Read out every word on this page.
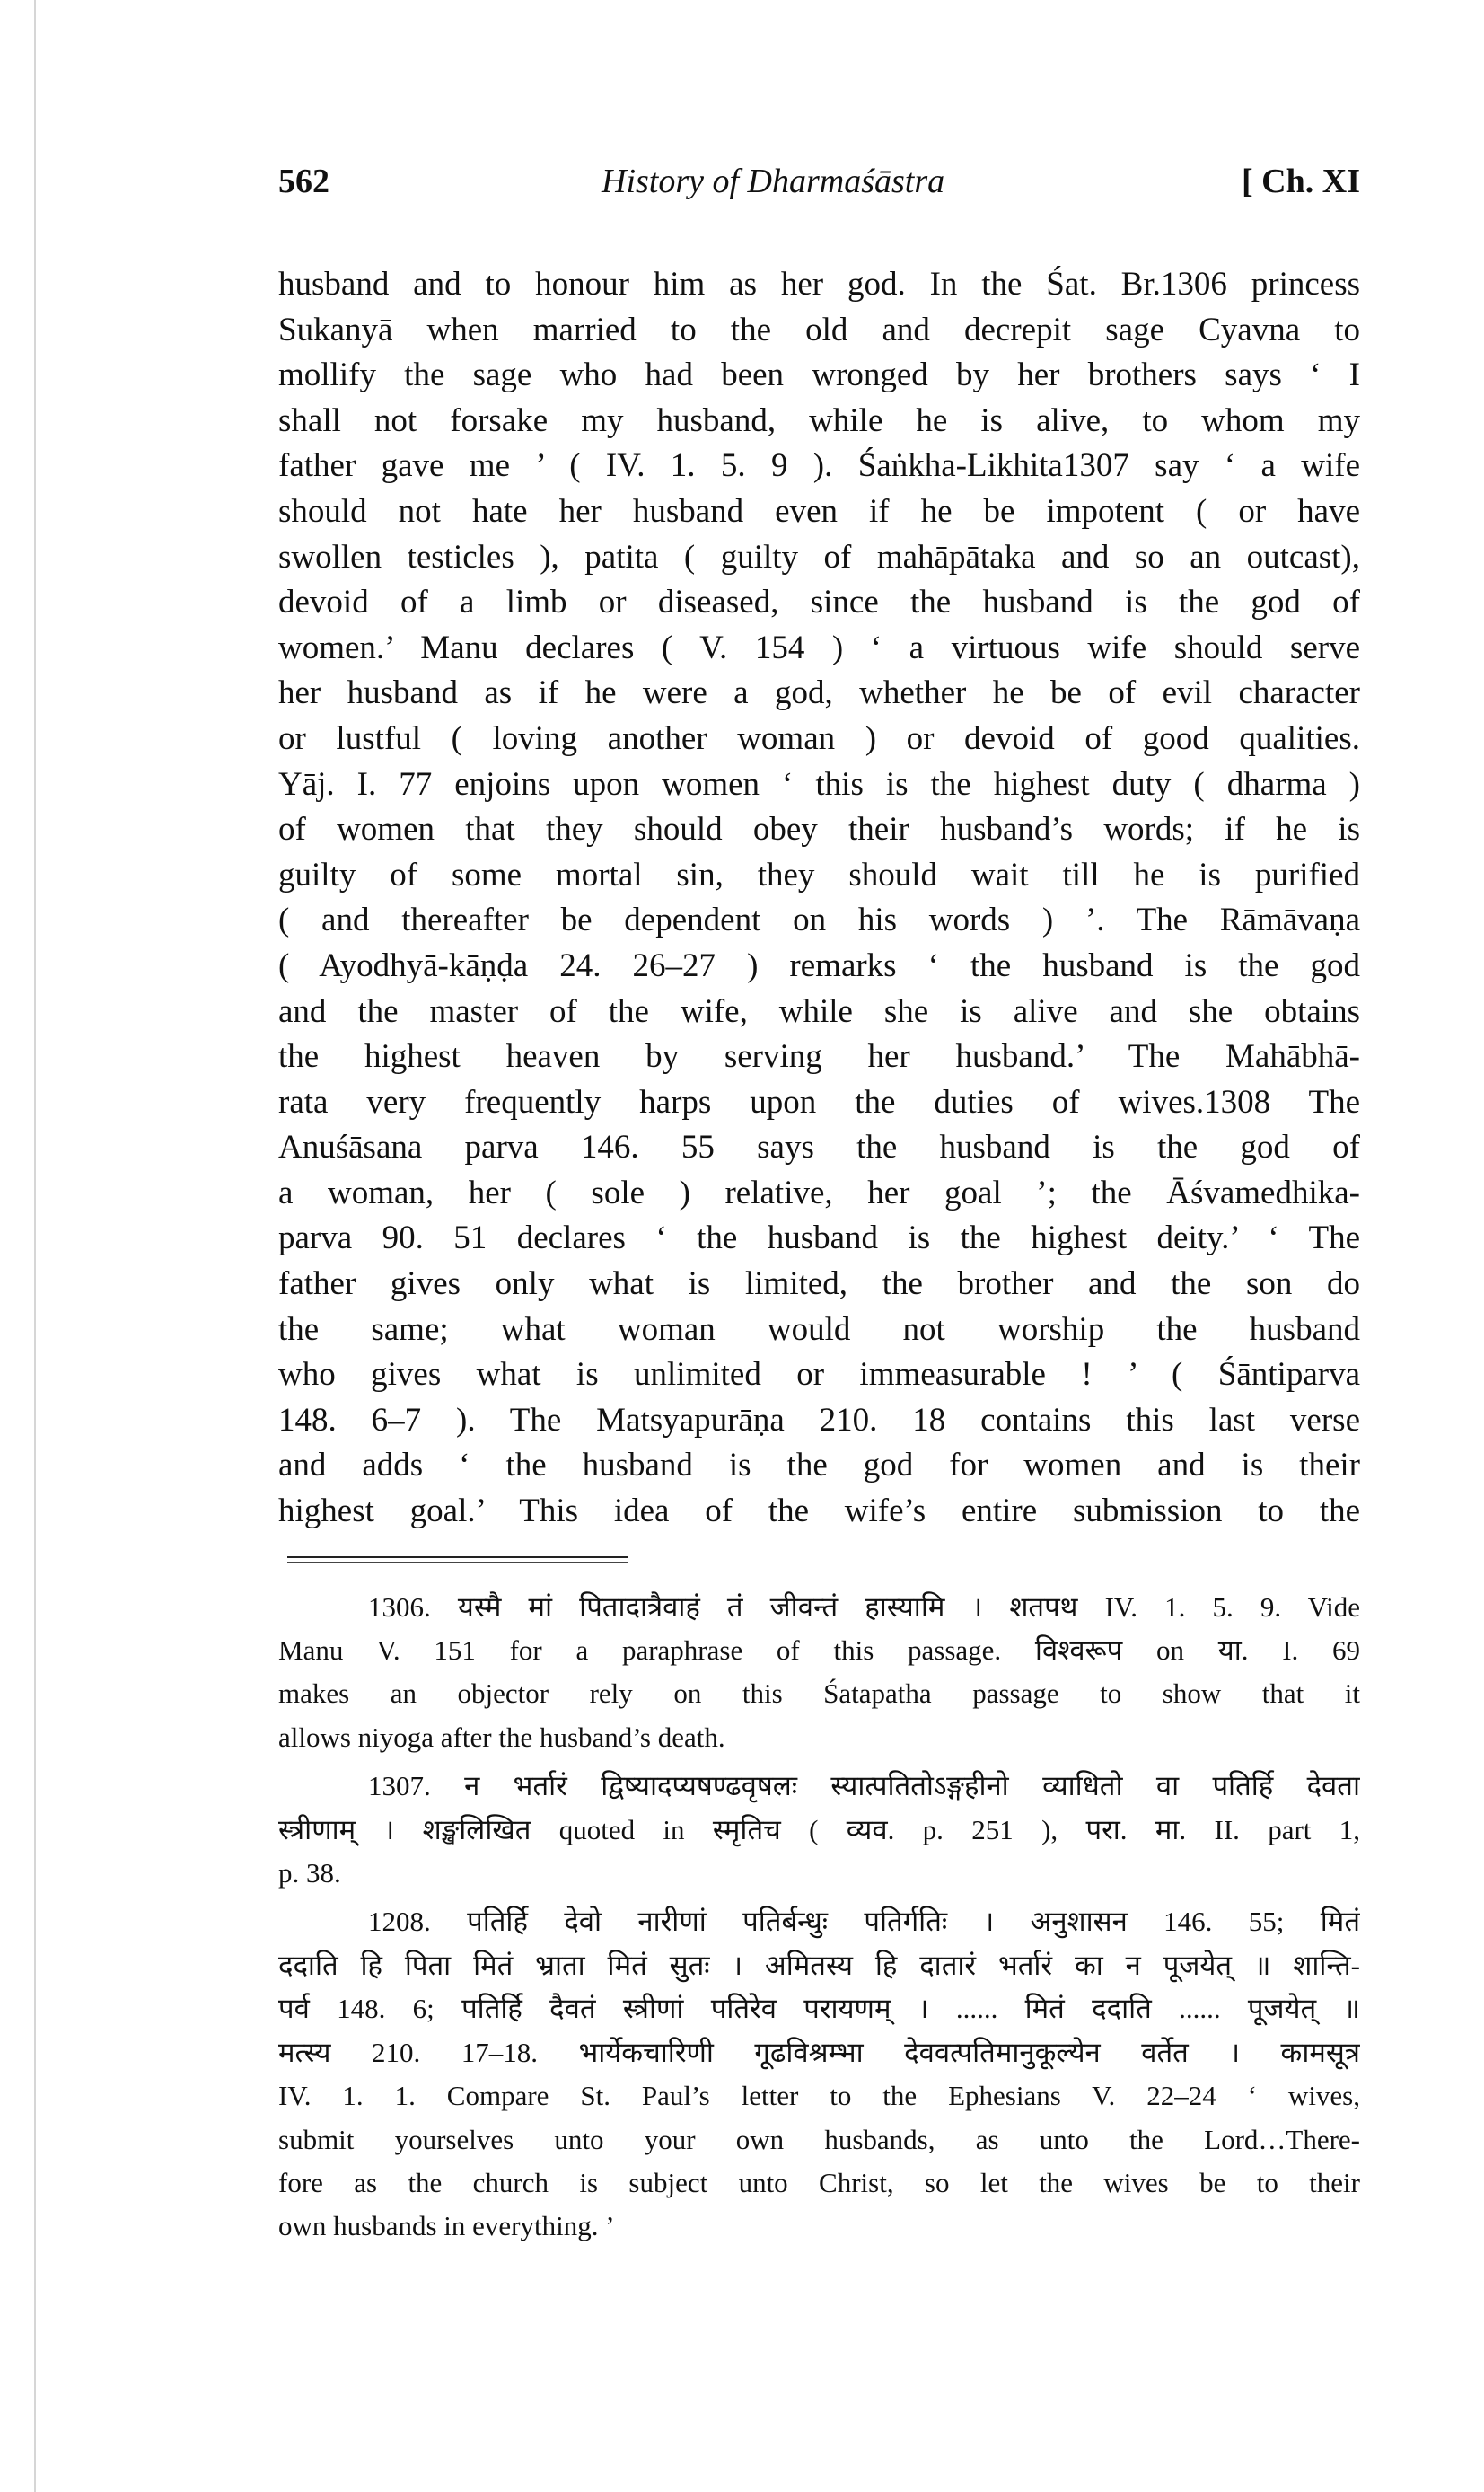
562	History of Dharmaśāstra	[ Ch. XI
husband and to honour him as her god. In the Śat. Br.1306 princess
Sukanyā when married to the old and decrepit sage Cyavna to
mollify the sage who had been wronged by her brothers says ‘ I
shall not forsake my husband, while he is alive, to whom my
father gave me ’ ( IV. 1. 5. 9 ). Śaṅkha-Likhita1307 say ‘ a wife
should not hate her husband even if he be impotent ( or have
swollen testicles ), patita ( guilty of mahāpātaka and so an outcast),
devoid of a limb or diseased, since the husband is the god of
women.’ Manu declares ( V. 154 ) ‘ a virtuous wife should serve
her husband as if he were a god, whether he be of evil character
or lustful ( loving another woman ) or devoid of good qualities.
Yāj. I. 77 enjoins upon women ‘ this is the highest duty ( dharma )
of women that they should obey their husband’s words; if he is
guilty of some mortal sin, they should wait till he is purified
( and thereafter be dependent on his words ) ’. The Rāmāvaṇa
( Ayodhyā-kāṇḍa 24. 26–27 ) remarks ‘ the husband is the god
and the master of the wife, while she is alive and she obtains
the highest heaven by serving her husband.’ The Mahābhā-
rata very frequently harps upon the duties of wives.1308 The
Anuśāsana parva 146. 55 says the husband is the god of
a woman, her ( sole ) relative, her goal ’; the Āśvamedhika-
parva 90. 51 declares ‘ the husband is the highest deity.’ ‘ The
father gives only what is limited, the brother and the son do
the same; what woman would not worship the husband
who gives what is unlimited or immeasurable ! ’ ( Śāntiparva
148. 6–7 ). The Matsyapurāṇa 210. 18 contains this last verse
and adds ‘ the husband is the god for women and is their
highest goal.’ This idea of the wife’s entire submission to the
1306. यस्मै मां पितादात्रैवाहं तं जीवन्तं हास्यामि । शतपथ IV. 1. 5. 9. Vide
Manu V. 151 for a paraphrase of this passage. विश्वरूप on या. I. 69
makes an objector rely on this Śatapatha passage to show that it
allows niyoga after the husband’s death.
1307. न भर्तारं द्विष्यादप्यषण्ढवृषलः स्यात्पतितोऽङ्गहीनो व्याधितो वा पतिर्हि देवता
स्त्रीणाम् । शङ्खलिखित quoted in स्मृतिच ( व्यव. p. 251 ), परा. मा. II. part 1,
p. 38.
1208. पतिर्हि देवो नारीणां पतिर्बन्धुः पतिर्गतिः । अनुशासन 146. 55; मितं
ददाति हि पिता मितं भ्राता मितं सुतः । अमितस्य हि दातारं भर्तारं का न पूजयेत् ॥ शान्ति-
पर्व 148. 6; पतिर्हि दैवतं स्त्रीणां पतिरेव परायणम् । ...... मितं ददाति ...... पूजयेत् ॥
मत्स्य 210. 17–18. भार्येकचारिणी गूढविश्रम्भा देववत्पतिमानुकूल्येन वर्तेत । कामसूत्र
IV. 1. 1. Compare St. Paul’s letter to the Ephesians V. 22–24 ‘ wives,
submit yourselves unto your own husbands, as unto the Lord…There-
fore as the church is subject unto Christ, so let the wives be to their
own husbands in everything. ’
